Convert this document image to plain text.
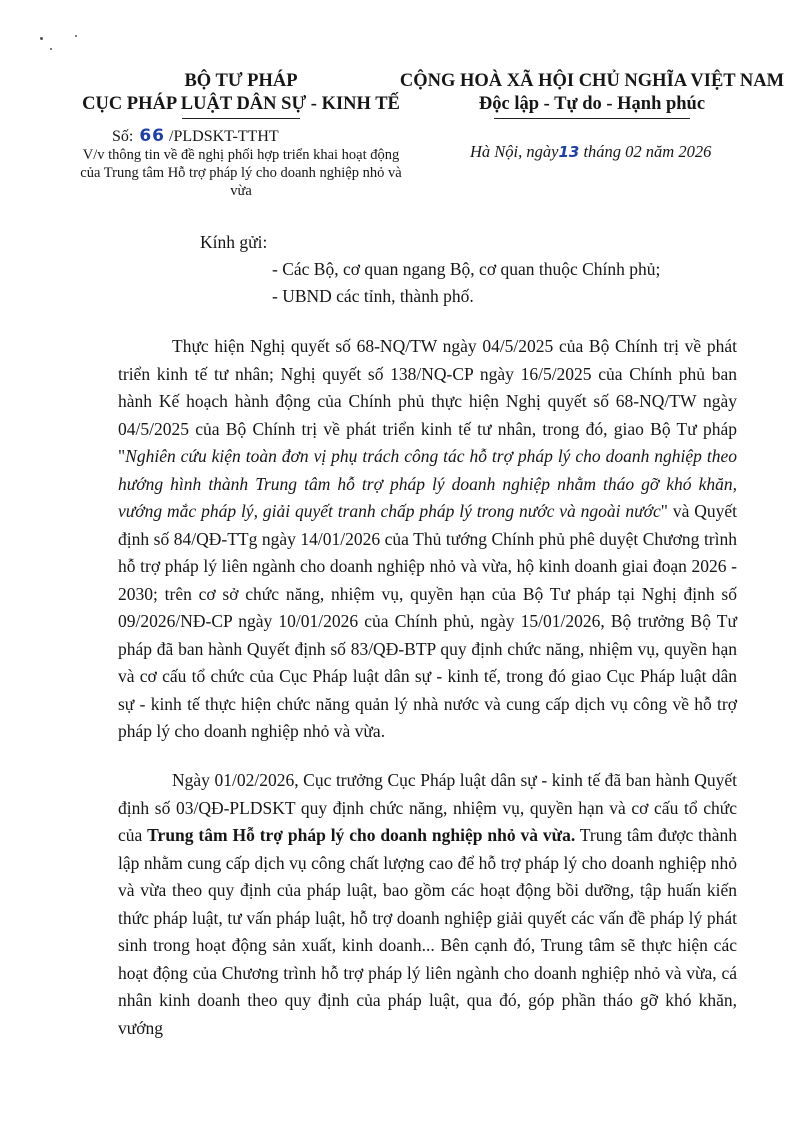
BỘ TƯ PHÁP
CỤC PHÁP LUẬT DÂN SỰ - KINH TẾ
CỘNG HOÀ XÃ HỘI CHỦ NGHĨA VIỆT NAM
Độc lập - Tự do - Hạnh phúc
Số: 66 /PLDSKT-TTHT
V/v thông tin về đề nghị phối hợp triển khai hoạt động của Trung tâm Hỗ trợ pháp lý cho doanh nghiệp nhỏ và vừa
Hà Nội, ngày13 tháng 02 năm 2026
Kính gửi:
- Các Bộ, cơ quan ngang Bộ, cơ quan thuộc Chính phủ;
- UBND các tỉnh, thành phố.

Thực hiện Nghị quyết số 68-NQ/TW ngày 04/5/2025 của Bộ Chính trị về phát triển kinh tế tư nhân; Nghị quyết số 138/NQ-CP ngày 16/5/2025 của Chính phủ ban hành Kế hoạch hành động của Chính phủ thực hiện Nghị quyết số 68-NQ/TW ngày 04/5/2025 của Bộ Chính trị về phát triển kinh tế tư nhân, trong đó, giao Bộ Tư pháp "Nghiên cứu kiện toàn đơn vị phụ trách công tác hỗ trợ pháp lý cho doanh nghiệp theo hướng hình thành Trung tâm hỗ trợ pháp lý doanh nghiệp nhằm tháo gỡ khó khăn, vướng mắc pháp lý, giải quyết tranh chấp pháp lý trong nước và ngoài nước" và Quyết định số 84/QĐ-TTg ngày 14/01/2026 của Thủ tướng Chính phủ phê duyệt Chương trình hỗ trợ pháp lý liên ngành cho doanh nghiệp nhỏ và vừa, hộ kinh doanh giai đoạn 2026 - 2030; trên cơ sở chức năng, nhiệm vụ, quyền hạn của Bộ Tư pháp tại Nghị định số 09/2026/NĐ-CP ngày 10/01/2026 của Chính phủ, ngày 15/01/2026, Bộ trưởng Bộ Tư pháp đã ban hành Quyết định số 83/QĐ-BTP quy định chức năng, nhiệm vụ, quyền hạn và cơ cấu tổ chức của Cục Pháp luật dân sự - kinh tế, trong đó giao Cục Pháp luật dân sự - kinh tế thực hiện chức năng quản lý nhà nước và cung cấp dịch vụ công về hỗ trợ pháp lý cho doanh nghiệp nhỏ và vừa.

Ngày 01/02/2026, Cục trưởng Cục Pháp luật dân sự - kinh tế đã ban hành Quyết định số 03/QĐ-PLDSKT quy định chức năng, nhiệm vụ, quyền hạn và cơ cấu tổ chức của Trung tâm Hỗ trợ pháp lý cho doanh nghiệp nhỏ và vừa. Trung tâm được thành lập nhằm cung cấp dịch vụ công chất lượng cao để hỗ trợ pháp lý cho doanh nghiệp nhỏ và vừa theo quy định của pháp luật, bao gồm các hoạt động bồi dưỡng, tập huấn kiến thức pháp luật, tư vấn pháp luật, hỗ trợ doanh nghiệp giải quyết các vấn đề pháp lý phát sinh trong hoạt động sản xuất, kinh doanh... Bên cạnh đó, Trung tâm sẽ thực hiện các hoạt động của Chương trình hỗ trợ pháp lý liên ngành cho doanh nghiệp nhỏ và vừa, cá nhân kinh doanh theo quy định của pháp luật, qua đó, góp phần tháo gỡ khó khăn, vướng
